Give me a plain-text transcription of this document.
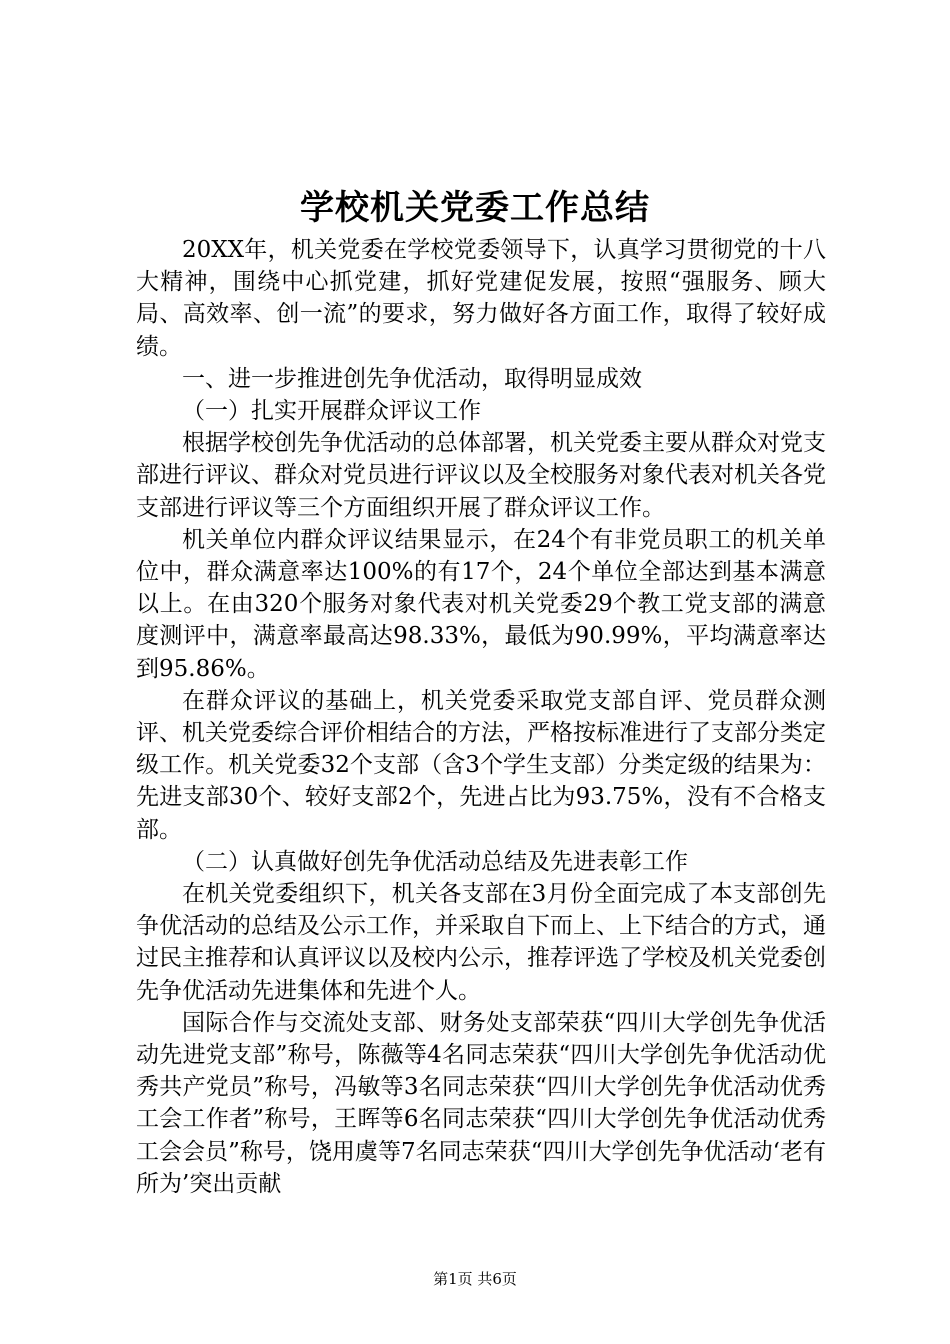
学校机关党委工作总结

20XX年，机关党委在学校党委领导下，认真学习贯彻党的十八大精神，围绕中心抓党建，抓好党建促发展，按照“强服务、顾大局、高效率、创一流”的要求，努力做好各方面工作，取得了较好成绩。

一、进一步推进创先争优活动，取得明显成效

（一）扎实开展群众评议工作

根据学校创先争优活动的总体部署，机关党委主要从群众对党支部进行评议、群众对党员进行评议以及全校服务对象代表对机关各党支部进行评议等三个方面组织开展了群众评议工作。

机关单位内群众评议结果显示，在24个有非党员职工的机关单位中，群众满意率达100%的有17个，24个单位全部达到基本满意以上。在由320个服务对象代表对机关党委29个教工党支部的满意度测评中，满意率最高达98.33%，最低为90.99%，平均满意率达到95.86%。

在群众评议的基础上，机关党委采取党支部自评、党员群众测评、机关党委综合评价相结合的方法，严格按标准进行了支部分类定级工作。机关党委32个支部（含3个学生支部）分类定级的结果为：先进支部30个、较好支部2个，先进占比为93.75%，没有不合格支部。

（二）认真做好创先争优活动总结及先进表彰工作

在机关党委组织下，机关各支部在3月份全面完成了本支部创先争优活动的总结及公示工作，并采取自下而上、上下结合的方式，通过民主推荐和认真评议以及校内公示，推荐评选了学校及机关党委创先争优活动先进集体和先进个人。

国际合作与交流处支部、财务处支部荣获“四川大学创先争优活动先进党支部”称号，陈薇等4名同志荣获“四川大学创先争优活动优秀共产党员”称号，冯敏等3名同志荣获“四川大学创先争优活动优秀工会工作者”称号，王晖等6名同志荣获“四川大学创先争优活动优秀工会会员”称号，饶用虞等7名同志荣获“四川大学创先争优活动‘老有所为’突出贡献

第1页 共6页
